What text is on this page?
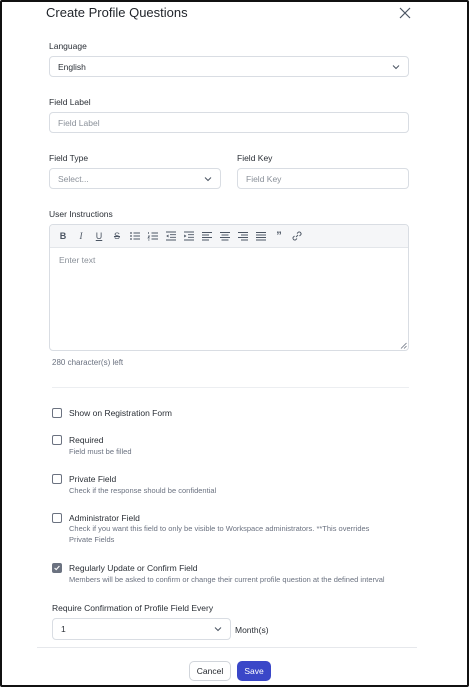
Create Profile Questions
Language
English
Field Label
Field Label
Field Type
Select...
Field Key
Field Key
User Instructions
B	I	U	S	”
Enter text
280 character(s) left
Show on Registration Form
Required
Field must be filled
Private Field
Check if the response should be confidential
Administrator Field
Check if you want this field to only be visible to Workspace administrators. **This overrides
Private Fields
Regularly Update or Confirm Field
Members will be asked to confirm or change their current profile question at the defined interval
Require Confirmation of Profile Field Every
1	Month(s)
Cancel	Save
